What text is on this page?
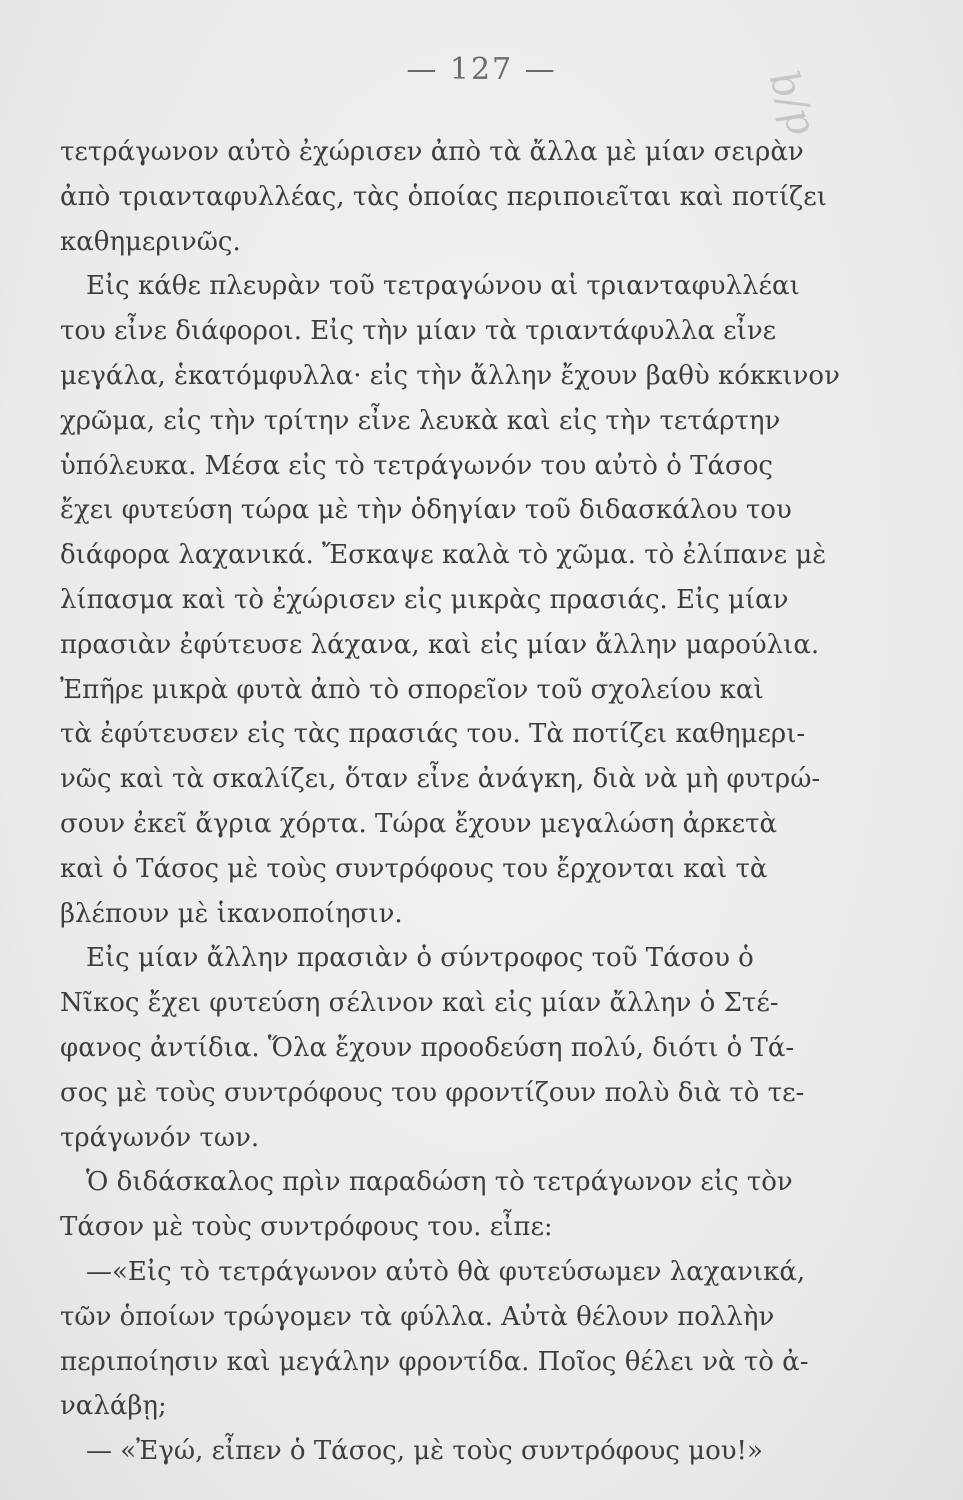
b/p
— 127 —
τετράγωνον αὐτὸ ἐχώρισεν ἀπὸ τὰ ἄλλα μὲ μίαν σειρὰν
ἀπὸ τριανταφυλλέας, τὰς ὁποίας περιποιεῖται καὶ ποτίζει
καθημερινῶς.
Εἰς κάθε πλευρὰν τοῦ τετραγώνου αἱ τριανταφυλλέαι
του εἶνε διάφοροι. Εἰς τὴν μίαν τὰ τριαντάφυλλα εἶνε
μεγάλα, ἑκατόμφυλλα· εἰς τὴν ἄλλην ἔχουν βαθὺ κόκκινον
χρῶμα, εἰς τὴν τρίτην εἶνε λευκὰ καὶ εἰς τὴν τετάρτην
ὑπόλευκα. Μέσα εἰς τὸ τετράγωνόν του αὐτὸ ὁ Τάσος
ἔχει φυτεύση τώρα μὲ τὴν ὁδηγίαν τοῦ διδασκάλου του
διάφορα λαχανικά. Ἔσκαψε καλὰ τὸ χῶμα. τὸ ἐλίπανε μὲ
λίπασμα καὶ τὸ ἐχώρισεν εἰς μικρὰς πρασιάς. Εἰς μίαν
πρασιὰν ἐφύτευσε λάχανα, καὶ εἰς μίαν ἄλλην μαρούλια.
Ἐπῆρε μικρὰ φυτὰ ἀπὸ τὸ σπορεῖον τοῦ σχολείου καὶ
τὰ ἐφύτευσεν εἰς τὰς πρασιάς του. Τὰ ποτίζει καθημερι-
νῶς καὶ τὰ σκαλίζει, ὅταν εἶνε ἀνάγκη, διὰ νὰ μὴ φυτρώ-
σουν ἐκεῖ ἄγρια χόρτα. Τώρα ἔχουν μεγαλώση ἀρκετὰ
καὶ ὁ Τάσος μὲ τοὺς συντρόφους του ἔρχονται καὶ τὰ
βλέπουν μὲ ἱκανοποίησιν.
Εἰς μίαν ἄλλην πρασιὰν ὁ σύντροφος τοῦ Τάσου ὁ
Νῖκος ἔχει φυτεύση σέλινον καὶ εἰς μίαν ἄλλην ὁ Στέ-
φανος ἀντίδια. Ὅλα ἔχουν προοδεύση πολύ, διότι ὁ Τά-
σος μὲ τοὺς συντρόφους του φροντίζουν πολὺ διὰ τὸ τε-
τράγωνόν των.
Ὁ διδάσκαλος πρὶν παραδώση τὸ τετράγωνον εἰς τὸν
Τάσον μὲ τοὺς συντρόφους του. εἶπε:
—«Εἰς τὸ τετράγωνον αὐτὸ θὰ φυτεύσωμεν λαχανικά,
τῶν ὁποίων τρώγομεν τὰ φύλλα. Αὐτὰ θέλουν πολλὴν
περιποίησιν καὶ μεγάλην φροντίδα. Ποῖος θέλει νὰ τὸ ἀ-
ναλάβῃ;
— «Ἐγώ, εἶπεν ὁ Τάσος, μὲ τοὺς συντρόφους μου!»
